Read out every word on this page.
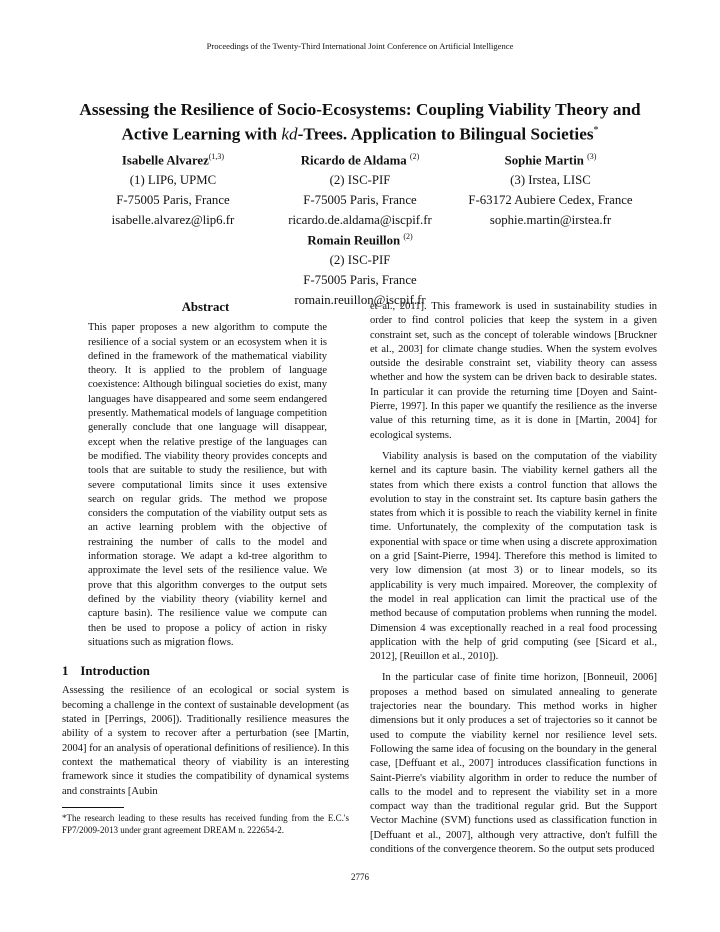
Proceedings of the Twenty-Third International Joint Conference on Artificial Intelligence
Assessing the Resilience of Socio-Ecosystems: Coupling Viability Theory and
Active Learning with kd-Trees. Application to Bilingual Societies*
Isabelle Alvarez$^{(1,3)}$
(1) LIP6, UPMC
F-75005 Paris, France
isabelle.alvarez@lip6.fr
Ricardo de Aldama $^{(2)}$
(2) ISC-PIF
F-75005 Paris, France
ricardo.de.aldama@iscpif.fr
Sophie Martin $^{(3)}$
(3) Irstea, LISC
F-63172 Aubiere Cedex, France
sophie.martin@irstea.fr
Romain Reuillon $^{(2)}$
(2) ISC-PIF
F-75005 Paris, France
romain.reuillon@iscpif.fr
Abstract

This paper proposes a new algorithm to compute the resilience of a social system or an ecosystem when it is defined in the framework of the mathematical viability theory. It is applied to the problem of language coexistence: Although bilingual societies do exist, many languages have disappeared and some seem endangered presently. Mathematical models of language competition generally conclude that one language will disappear, except when the relative prestige of the languages can be modified. The viability theory provides concepts and tools that are suitable to study the resilience, but with severe computational limits since it uses extensive search on regular grids. The method we propose considers the computation of the viability output sets as an active learning problem with the objective of restraining the number of calls to the model and information storage. We adapt a kd-tree algorithm to approximate the level sets of the resilience value. We prove that this algorithm converges to the output sets defined by the viability theory (viability kernel and capture basin). The resilience value we compute can then be used to propose a policy of action in risky situations such as migration flows.

1 Introduction

Assessing the resilience of an ecological or social system is becoming a challenge in the context of sustainable development (as stated in [Perrings, 2006]). Traditionally resilience measures the ability of a system to recover after a perturbation (see [Martin, 2004] for an analysis of operational definitions of resilience). In this context the mathematical theory of viability is an interesting framework since it studies the compatibility of dynamical systems and constraints [Aubin

*The research leading to these results has received funding from the E.C.'s FP7/2009-2013 under grant agreement DREAM n. 222654-2.

et al., 2011]. This framework is used in sustainability studies in order to find control policies that keep the system in a given constraint set, such as the concept of tolerable windows [Bruckner et al., 2003] for climate change studies. When the system evolves outside the desirable constraint set, viability theory can assess whether and how the system can be driven back to desirable states. In particular it can provide the returning time [Doyen and Saint-Pierre, 1997]. In this paper we quantify the resilience as the inverse value of this returning time, as it is done in [Martin, 2004] for ecological systems.

Viability analysis is based on the computation of the viability kernel and its capture basin. The viability kernel gathers all the states from which there exists a control function that allows the evolution to stay in the constraint set. Its capture basin gathers the states from which it is possible to reach the viability kernel in finite time. Unfortunately, the complexity of the computation task is exponential with space or time when using a discrete approximation on a grid [Saint-Pierre, 1994]. Therefore this method is limited to very low dimension (at most 3) or to linear models, so its applicability is very much impaired. Moreover, the complexity of the model in real application can limit the practical use of the method because of computation problems when running the model. Dimension 4 was exceptionally reached in a real food processing application with the help of grid computing (see [Sicard et al., 2012], [Reuillon et al., 2010]).

In the particular case of finite time horizon, [Bonneuil, 2006] proposes a method based on simulated annealing to generate trajectories near the boundary. This method works in higher dimensions but it only produces a set of trajectories so it cannot be used to compute the viability kernel nor resilience level sets. Following the same idea of focusing on the boundary in the general case, [Deffuant et al., 2007] introduces classification functions in Saint-Pierre's viability algorithm in order to reduce the number of calls to the model and to represent the viability set in a more compact way than the traditional regular grid. But the Support Vector Machine (SVM) functions used as classification function in [Deffuant et al., 2007], although very attractive, don't fulfill the conditions of the convergence theorem. So the output sets produced

2776
